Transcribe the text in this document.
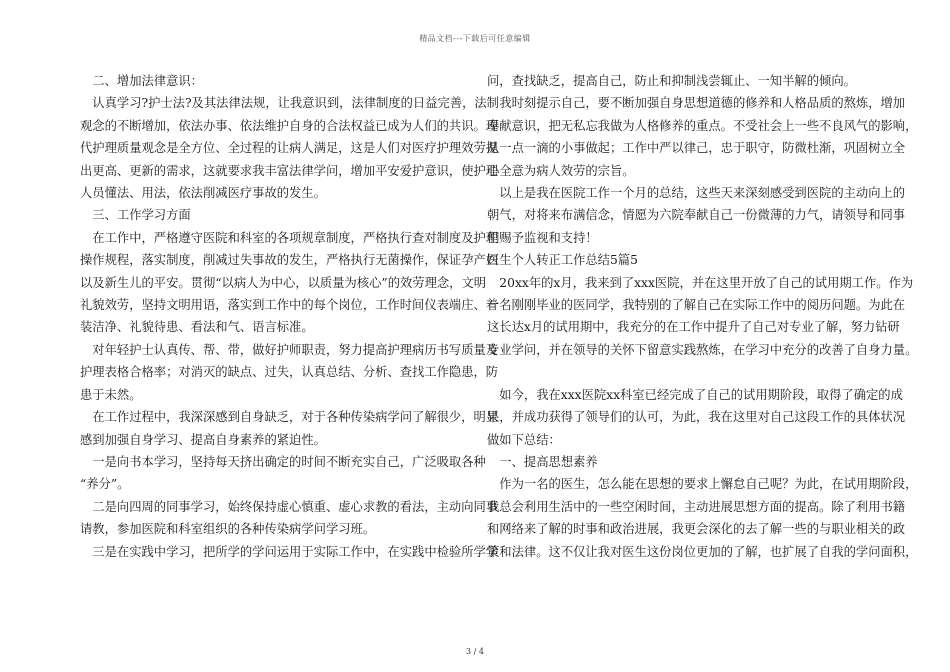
精品文档---下载后可任意编辑
　二、增加法律意识：
　认真学习?护士法?及其法律法规，让我意识到，法律制度的日益完善，法制
观念的不断增加，依法办事、依法维护自身的合法权益已成为人们的共识。现
代护理质量观念是全方位、全过程的让病人满足，这是人们对医疗护理效劳提
出更高、更新的需求，这就要求我丰富法律学问，增加平安爱护意识，使护理
人员懂法、用法，依法削减医疗事故的发生。
　三、工作学习方面
　在工作中，严格遵守医院和科室的各项规章制度，严格执行查对制度及护理
操作规程，落实制度，削减过失事故的发生，严格执行无菌操作，保证孕产妇
以及新生儿的平安。贯彻“以病人为中心，以质量为核心”的效劳理念，文明
礼貌效劳，坚持文明用语，落实到工作中的每个岗位，工作时间仪表端庄、着
装洁净、礼貌待患、看法和气、语言标准。
　对年轻护士认真传、帮、带，做好护师职责，努力提高护理病历书写质量及
护理表格合格率；对消灭的缺点、过失，认真总结、分析、查找工作隐患，防
患于未然。
　在工作过程中，我深深感到自身缺乏，对于各种传染病学问了解很少，明显
感到加强自身学习、提高自身素养的紧迫性。
　一是向书本学习，坚持每天挤出确定的时间不断充实自己，广泛吸取各种
“养分”。
　二是向四周的同事学习，始终保持虚心慎重、虚心求教的看法，主动向同事
请教，参加医院和科室组织的各种传染病学问学习班。
　三是在实践中学习，把所学的学问运用于实际工作中，在实践中检验所学学
问，查找缺乏，提高自己，防止和抑制浅尝辄止、一知半解的倾向。
　我时刻提示自己，要不断加强自身思想道德的修养和人格品质的熬炼，增加
奉献意识，把无私忘我做为人格修养的重点。不受社会上一些不良风气的影响，
从一点一滴的小事做起；工作中严以律己，忠于职守，防微杜渐，巩固树立全
心全意为病人效劳的宗旨。
　以上是我在医院工作一个月的总结，这些天来深刻感受到医院的主动向上的
朝气，对将来布满信念，情愿为六院奉献自己一份微薄的力气，请领导和同事
们赐予监视和支持！
医生个人转正工作总结5篇5
　20xx年的x月，我来到了xxx医院，并在这里开放了自己的试用期工作。作为
一名刚刚毕业的医同学，我特别的了解自己在实际工作中的阅历问题。为此在
这长达x月的试用期中，我充分的在工作中提升了自己对专业了解，努力钻研
专业学问，并在领导的关怀下留意实践熬炼，在学习中充分的改善了自身力量。

　如今，我在xxx医院xx科室已经完成了自己的试用期阶段，取得了确定的成
果，并成功获得了领导们的认可，为此，我在这里对自己这段工作的具体状况
做如下总结：
　一、提高思想素养
　作为一名的医生，怎么能在思想的要求上懈怠自己呢？为此，在试用期阶段，
我总会利用生活中的一些空闲时间，主动进展思想方面的提高。除了利用书籍
和网络来了解的时事和政治进展，我更会深化的去了解一些的与职业相关的政
策和法律。这不仅让我对医生这份岗位更加的了解，也扩展了自我的学问面积，
3 / 4
